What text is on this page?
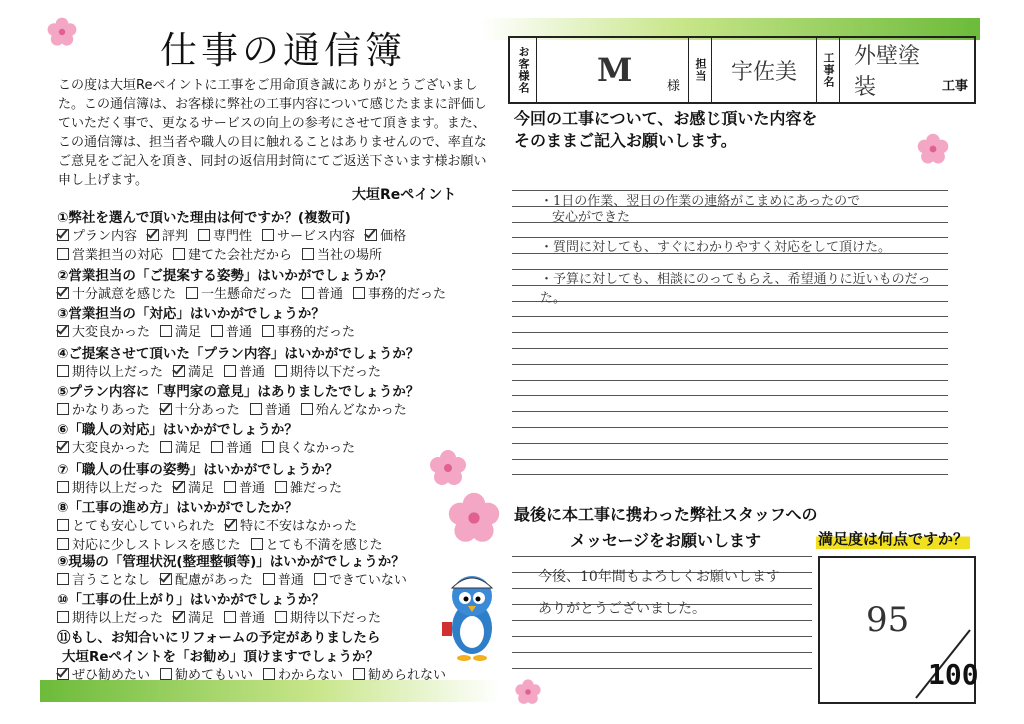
仕事の通信簿
この度は大垣Reペイントに工事をご用命頂き誠にありがとうございました。この通信簿は、お客様に弊社の工事内容について感じたままに評価していただく事で、更なるサービスの向上の参考にさせて頂きます。また、この通信簿は、担当者や職人の目に触れることはありませんので、率直なご意見をご記入を頂き、同封の返信用封筒にてご返送下さいます様お願い申し上げます。
大垣Reペイント
①弊社を選んで頂いた理由は何ですか？(複数可)
プラン内容 評判 専門性 サービス内容 価格
営業担当の対応 建てた会社だから 当社の場所
②営業担当の「ご提案する姿勢」はいかがでしょうか？
十分誠意を感じた 一生懸命だった 普通 事務的だった
③営業担当の「対応」はいかがでしょうか？
大変良かった 満足 普通 事務的だった
④ご提案させて頂いた「プラン内容」はいかがでしょうか？
期待以上だった 満足 普通 期待以下だった
⑤プラン内容に「専門家の意見」はありましたでしょうか？
かなりあった 十分あった 普通 殆んどなかった
⑥「職人の対応」はいかがでしょうか？
大変良かった 満足 普通 良くなかった
⑦「職人の仕事の姿勢」はいかがでしょうか？
期待以上だった 満足 普通 雑だった
⑧「工事の進め方」はいかがでしたか？
とても安心していられた 特に不安はなかった
対応に少しストレスを感じた とても不満を感じた
⑨現場の「管理状況(整理整頓等)」はいかがでしょうか？
言うことなし 配慮があった 普通 できていない
⑩「工事の仕上がり」はいかがでしょうか？
期待以上だった 満足 普通 期待以下だった
⑪もし、お知合いにリフォームの予定がありましたら
大垣Reペイントを「お勧め」頂けますでしょうか？
ぜひ勧めたい 勧めてもいい わからない 勧められない
お客様名 M	様
担当 宇佐美 工事名 外壁塗装	工事
今回の工事について、お感じ頂いた内容を
そのままご記入お願いします。
・1日の作業、翌日の作業の連絡がこまめにあったので
安心ができた
・質問に対しても、すぐにわかりやすく対応をして頂けた。
・予算に対しても、相談にのってもらえ、希望通りに近いものだった。
最後に本工事に携わった弊社スタッフへの
メッセージをお願いします
今後、10年間もよろしくお願いします
ありがとうございました。
満足度は何点ですか？
95
100
